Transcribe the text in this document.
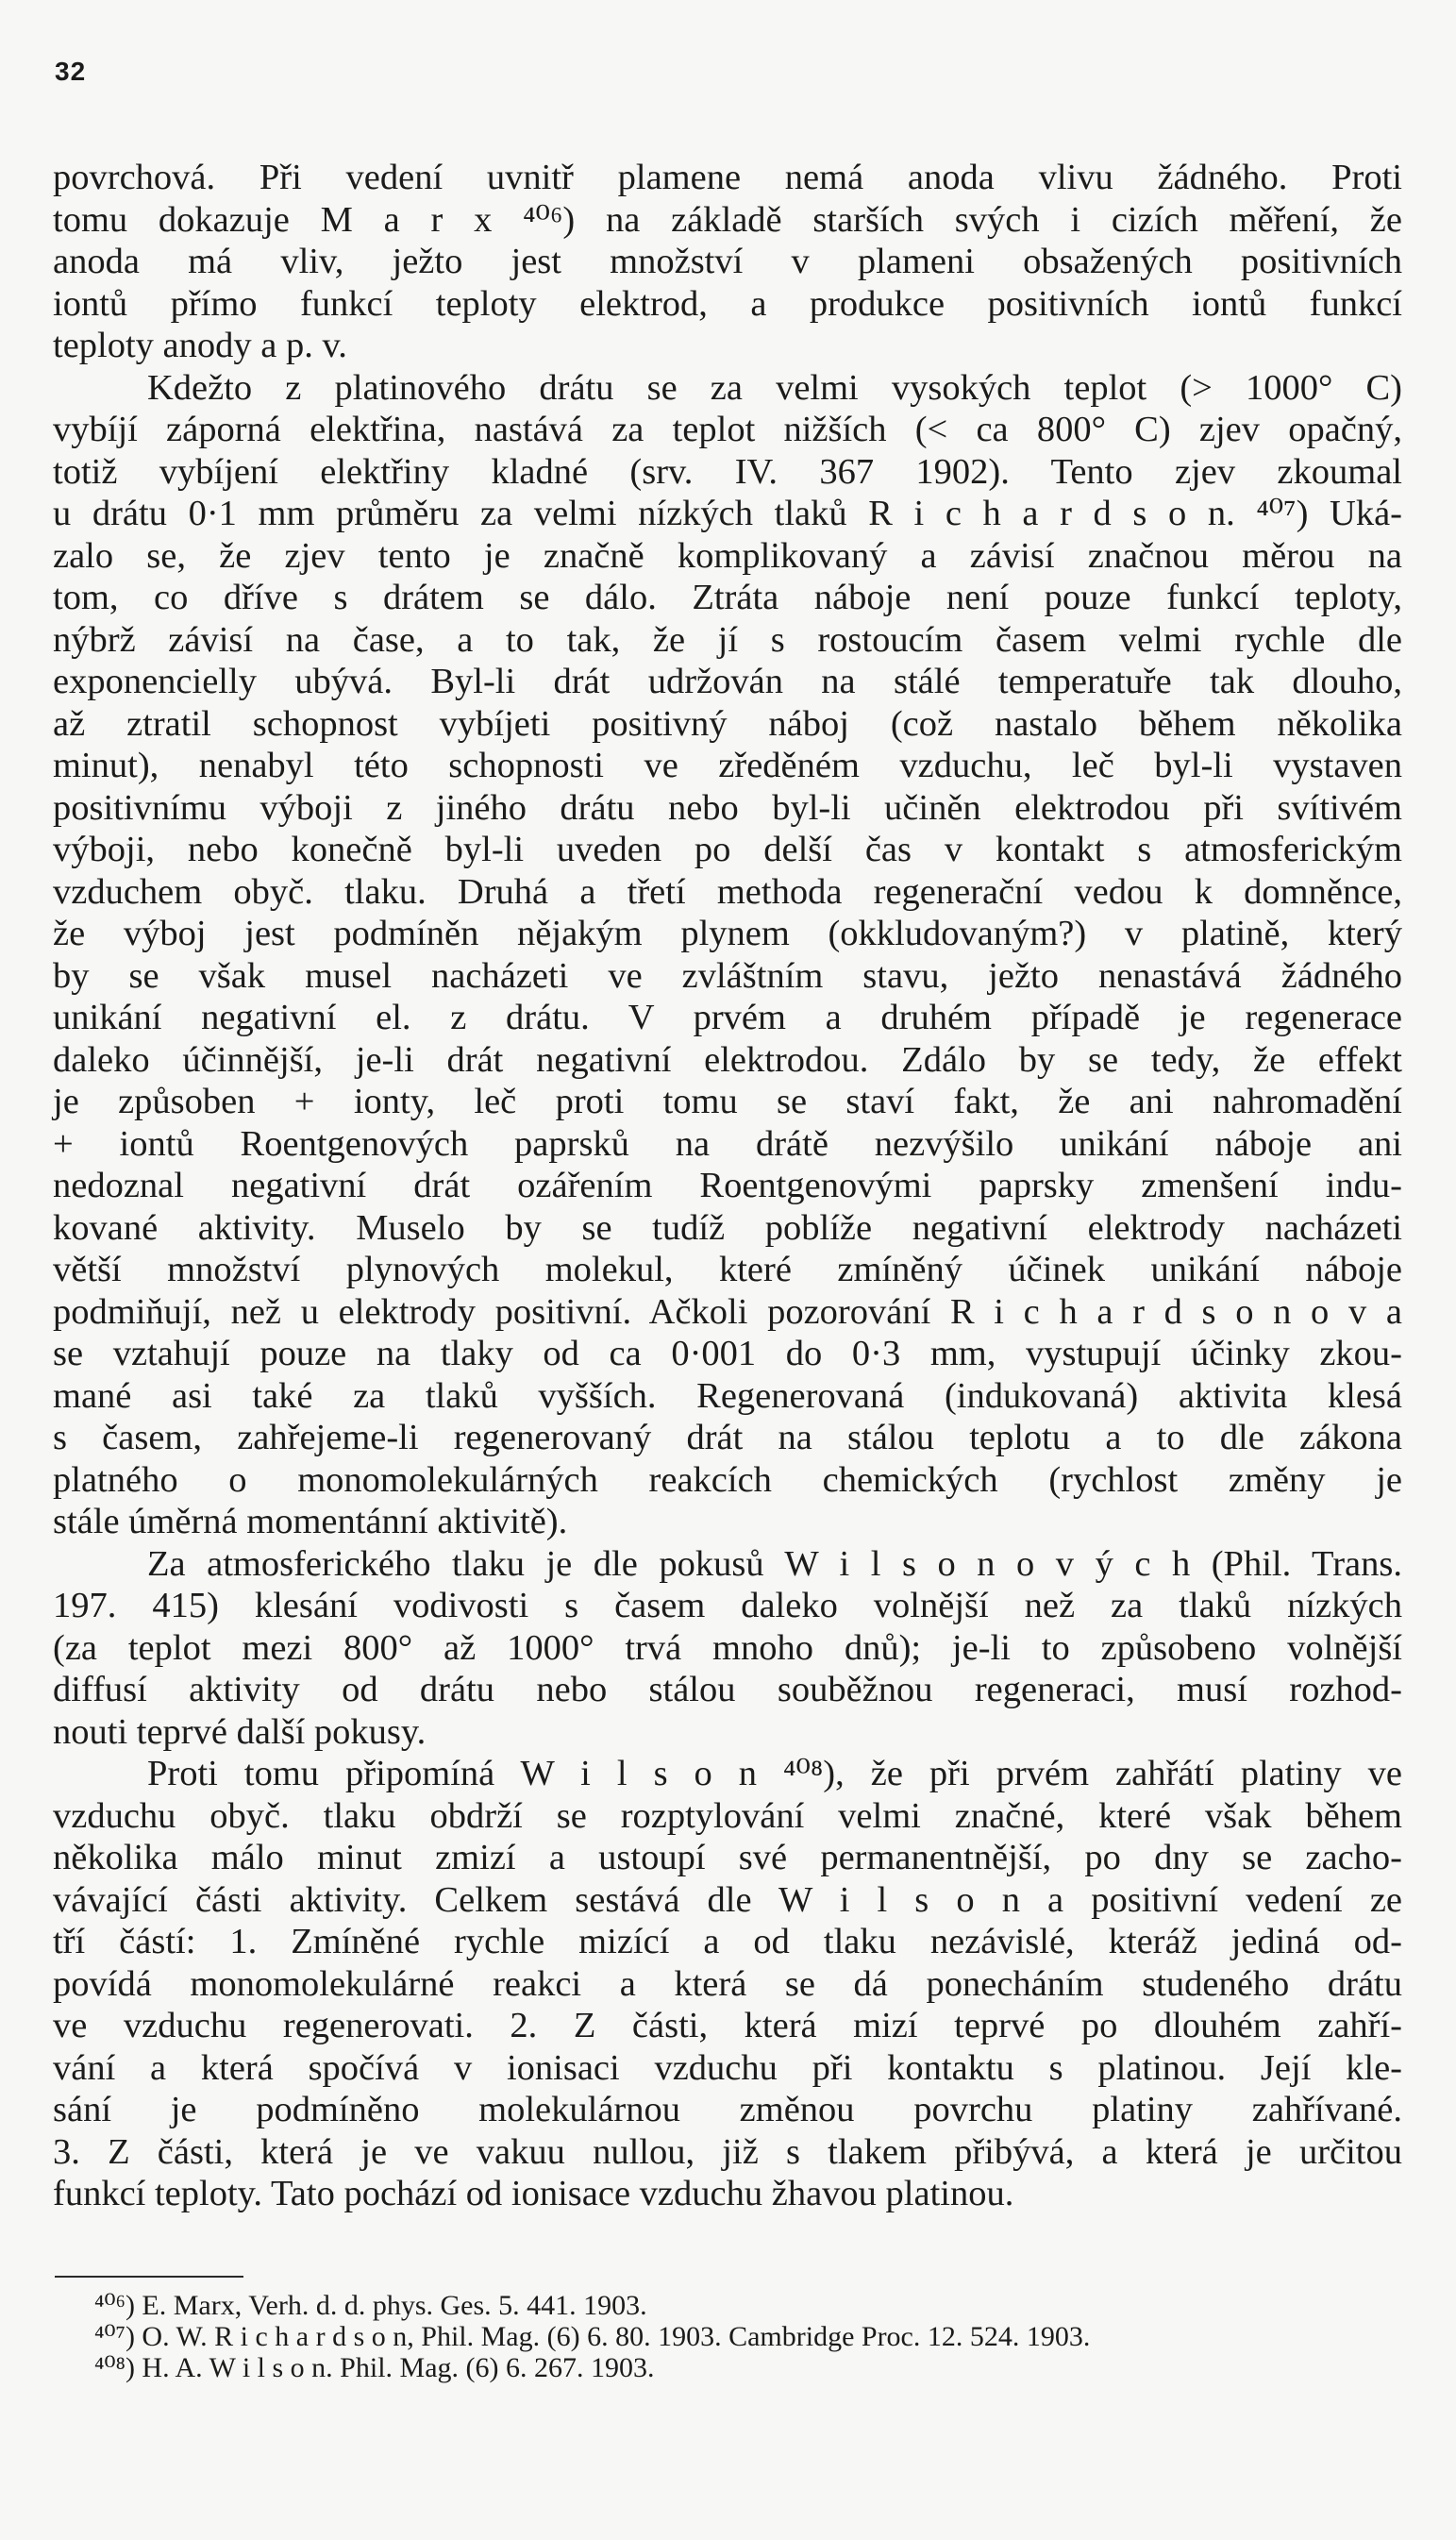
32
povrchová. Při vedení uvnitř plamene nemá anoda vlivu žádného. Proti
tomu dokazuje M a r x ⁴⁰⁶) na základě starších svých i cizích měření, že
anoda má vliv, ježto jest množství v plameni obsažených positivních
iontů přímo funkcí teploty elektrod, a produkce positivních iontů funkcí
teploty anody a p. v.
Kdežto z platinového drátu se za velmi vysokých teplot (> 1000° C)
vybíjí záporná elektřina, nastává za teplot nižších (< ca 800° C) zjev opačný,
totiž vybíjení elektřiny kladné (srv. IV. 367 1902). Tento zjev zkoumal
u drátu 0·1 mm průměru za velmi nízkých tlaků R i c h a r d s o n. ⁴⁰⁷) Uká-
zalo se, že zjev tento je značně komplikovaný a závisí značnou měrou na
tom, co dříve s drátem se dálo. Ztráta náboje není pouze funkcí teploty,
nýbrž závisí na čase, a to tak, že jí s rostoucím časem velmi rychle dle
exponencielly ubývá. Byl-li drát udržován na stálé temperatuře tak dlouho,
až ztratil schopnost vybíjeti positivný náboj (což nastalo během několika
minut), nenabyl této schopnosti ve zředěném vzduchu, leč byl-li vystaven
positivnímu výboji z jiného drátu nebo byl-li učiněn elektrodou při svítivém
výboji, nebo konečně byl-li uveden po delší čas v kontakt s atmosferickým
vzduchem obyč. tlaku. Druhá a třetí methoda regenerační vedou k domněnce,
že výboj jest podmíněn nějakým plynem (okkludovaným?) v platině, který
by se však musel nacházeti ve zvláštním stavu, ježto nenastává žádného
unikání negativní el. z drátu. V prvém a druhém případě je regenerace
daleko účinnější, je-li drát negativní elektrodou. Zdálo by se tedy, že effekt
je způsoben + ionty, leč proti tomu se staví fakt, že ani nahromadění
+ iontů Roentgenových paprsků na drátě nezvýšilo unikání náboje ani
nedoznal negativní drát ozářením Roentgenovými paprsky zmenšení indu-
kované aktivity. Muselo by se tudíž poblíže negativní elektrody nacházeti
větší množství plynových molekul, které zmíněný účinek unikání náboje
podmiňují, než u elektrody positivní. Ačkoli pozorování R i c h a r d s o n o v a
se vztahují pouze na tlaky od ca 0·001 do 0·3 mm, vystupují účinky zkou-
mané asi také za tlaků vyšších. Regenerovaná (indukovaná) aktivita klesá
s časem, zahřejeme-li regenerovaný drát na stálou teplotu a to dle zákona
platného o monomolekulárných reakcích chemických (rychlost změny je
stále úměrná momentánní aktivitě).
Za atmosferického tlaku je dle pokusů W i l s o n o v ý c h (Phil. Trans.
197. 415) klesání vodivosti s časem daleko volnější než za tlaků nízkých
(za teplot mezi 800° až 1000° trvá mnoho dnů); je-li to způsobeno volnější
diffusí aktivity od drátu nebo stálou souběžnou regeneraci, musí rozhod-
nouti teprvé další pokusy.
Proti tomu připomíná W i l s o n ⁴⁰⁸), že při prvém zahřátí platiny ve
vzduchu obyč. tlaku obdrží se rozptylování velmi značné, které však během
několika málo minut zmizí a ustoupí své permanentnější, po dny se zacho-
vávající části aktivity. Celkem sestává dle W i l s o n a positivní vedení ze
tří částí: 1. Zmíněné rychle mizící a od tlaku nezávislé, kteráž jediná od-
povídá monomolekulárné reakci a která se dá ponecháním studeného drátu
ve vzduchu regenerovati. 2. Z části, která mizí teprvé po dlouhém zahří-
vání a která spočívá v ionisaci vzduchu při kontaktu s platinou. Její kle-
sání je podmíněno molekulárnou změnou povrchu platiny zahřívané.
3. Z části, která je ve vakuu nullou, již s tlakem přibývá, a která je určitou
funkcí teploty. Tato pochází od ionisace vzduchu žhavou platinou.
⁴⁰⁶) E. Marx, Verh. d. d. phys. Ges. 5. 441. 1903.
⁴⁰⁷) O. W. R i c h a r d s o n, Phil. Mag. (6) 6. 80. 1903. Cambridge Proc. 12. 524. 1903.
⁴⁰⁸) H. A. W i l s o n. Phil. Mag. (6) 6. 267. 1903.
